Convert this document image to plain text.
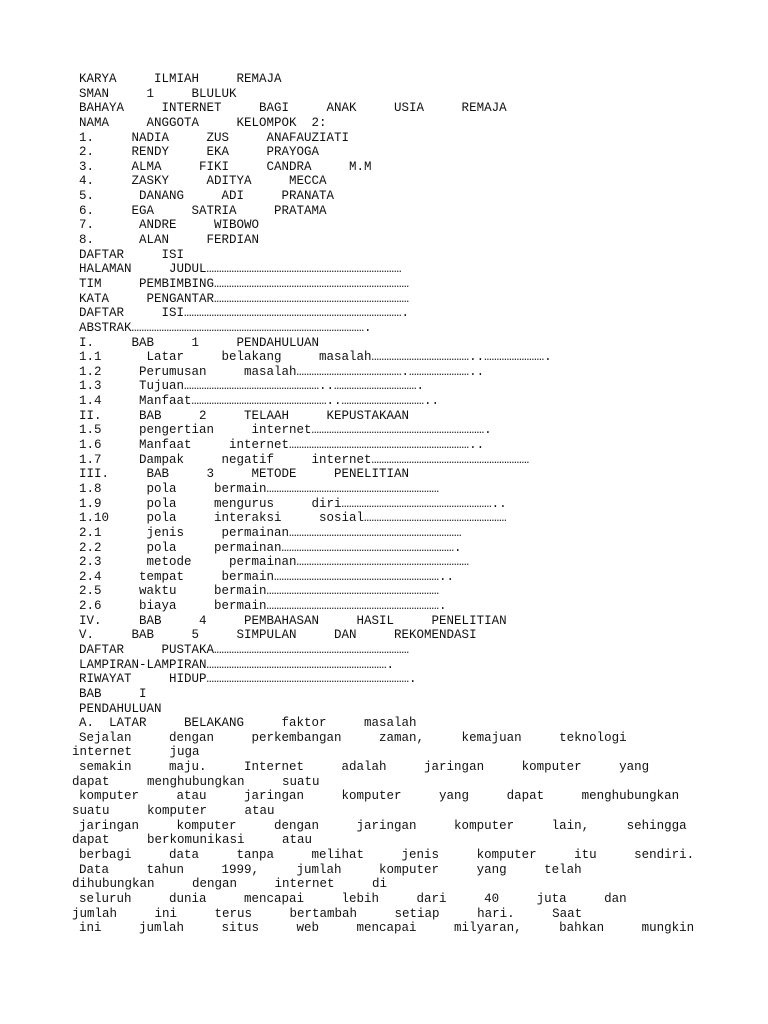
KARYA     ILMIAH     REMAJA
SMAN     1     BLULUK
BAHAYA     INTERNET     BAGI     ANAK     USIA     REMAJA
NAMA     ANGGOTA     KELOMPOK  2:
1.     NADIA     ZUS     ANAFAUZIATI
2.     RENDY     EKA     PRAYOGA
3.     ALMA     FIKI     CANDRA     M.M
4.     ZASKY     ADITYA     MECCA
5.      DANANG     ADI     PRANATA
6.     EGA     SATRIA     PRATAMA
7.      ANDRE     WIBOWO
8.      ALAN     FERDIAN
DAFTAR     ISI
HALAMAN     JUDUL……………………………………………………………………
TIM     PEMBIMBING……………………………………………………………………
KATA     PENGANTAR……………………………………………………………………
DAFTAR     ISI…………………………………………………………………………….
ABSTRAK………………………………………………………………………………….
I.     BAB     1     PENDAHULUAN
1.1      Latar     belakang     masalah…………………………………..…………………….
1.2     Perumusan     masalah…………………………………….……………………..
1.3     Tujuan………………………………………………..…………………………….
1.4     Manfaat………………………………………………..……………………………..
II.     BAB     2     TELAAH     KEPUSTAKAAN
1.5     pengertian     internet…………………………………………………………….
1.6     Manfaat     internet………………………………………………………………..
1.7     Dampak     negatif     internet………………………………………………………
III.     BAB     3     METODE     PENELITIAN
1.8      pola     bermain……………………………………………………………
1.9      pola     mengurus     diri……………………………………………………..
1.10     pola     interaksi     sosial…………………………………………………
2.1      jenis     permainan……………………………………………………………
2.2      pola     permainan…………………………………………………………….
2.3      metode     permainan……………………………………………………………
2.4     tempat     bermain…………………………………………………………..
2.5     waktu     bermain……………………………………………………………
2.6     biaya     bermain…………………………………………………………….
IV.     BAB     4     PEMBAHASAN     HASIL     PENELITIAN
V.     BAB     5     SIMPULAN     DAN     REKOMENDASI
DAFTAR     PUSTAKA……………………………………………………………………
LAMPIRAN-LAMPIRAN……………………………………………………………….
RIWAYAT     HIDUP……………………………………………………………………….
BAB     I
PENDAHULUAN
A.  LATAR     BELAKANG     faktor     masalah
Sejalan     dengan     perkembangan     zaman,     kemajuan     teknologi
internet     juga
semakin     maju.     Internet     adalah     jaringan     komputer     yang
dapat     menghubungkan     suatu
komputer     atau     jaringan     komputer     yang     dapat     menghubungkan
suatu     komputer     atau
jaringan     komputer     dengan     jaringan     komputer     lain,     sehingga
dapat     berkomunikasi     atau
berbagi     data     tanpa     melihat     jenis     komputer     itu     sendiri.
Data     tahun     1999,     jumlah     komputer     yang     telah
dihubungkan     dengan     internet     di
seluruh     dunia     mencapai     lebih     dari     40     juta     dan
jumlah     ini     terus     bertambah     setiap     hari.     Saat
ini     jumlah     situs     web     mencapai     milyaran,     bahkan     mungkin
